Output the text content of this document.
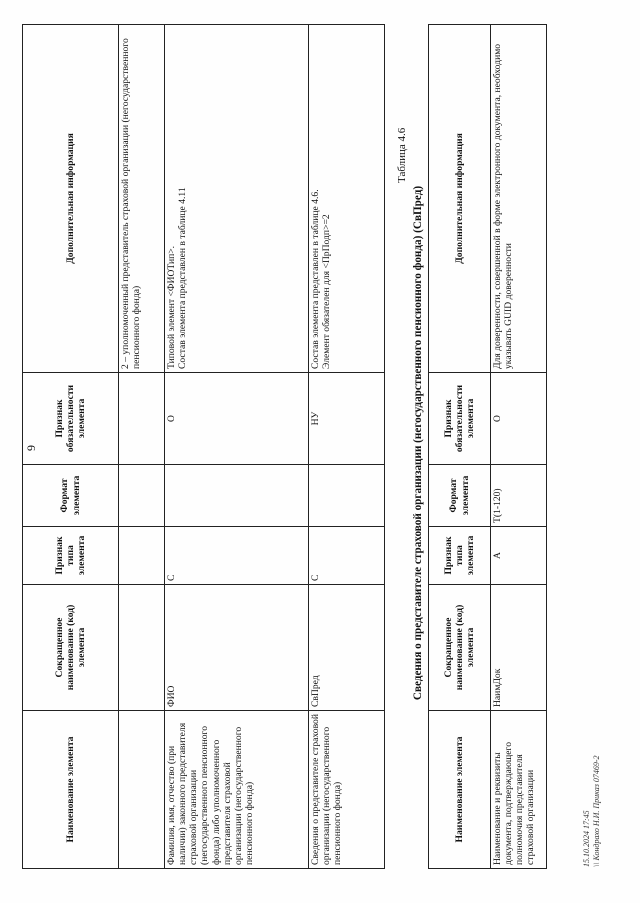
9
Наименование элемента	Сокращенное наименование (код) элемента	Признак типа элемента	Формат элемента	Признак обязательности элемента	Дополнительная информация
					2 – уполномоченный представитель страховой организации (негосударственного пенсионного фонда)
Фамилия, имя, отчество (при наличии) законного представителя страховой организации (негосударственного пенсионного фонда) либо уполномоченного представителя страховой организации (негосударственного пенсионного фонда)	ФИО	С		О	Типовой элемент <ФИОТип>.
Состав элемента представлен в таблице 4.11
Сведения о представителе страховой организации (негосударственного пенсионного фонда)	СвПред	С		НУ	Состав элемента представлен в таблице 4.6.
Элемент обязателен для <ПрПодп>=2
Таблица 4.6
Сведения о представителе страховой организации (негосударственного пенсионного фонда) (СвПред)
Наименование элемента	Сокращенное наименование (код) элемента	Признак типа элемента	Формат элемента	Признак обязательности элемента	Дополнительная информация
Наименование и реквизиты документа, подтверждающего полномочия представителя страховой организации	НаимДок	А	T(1-120)	О	Для доверенности, совершенной в форме электронного документа, необходимо указывать GUID доверенности
15.10.2024 17:45 \\ Кондрахо Н.И. Приказ 07469-2
